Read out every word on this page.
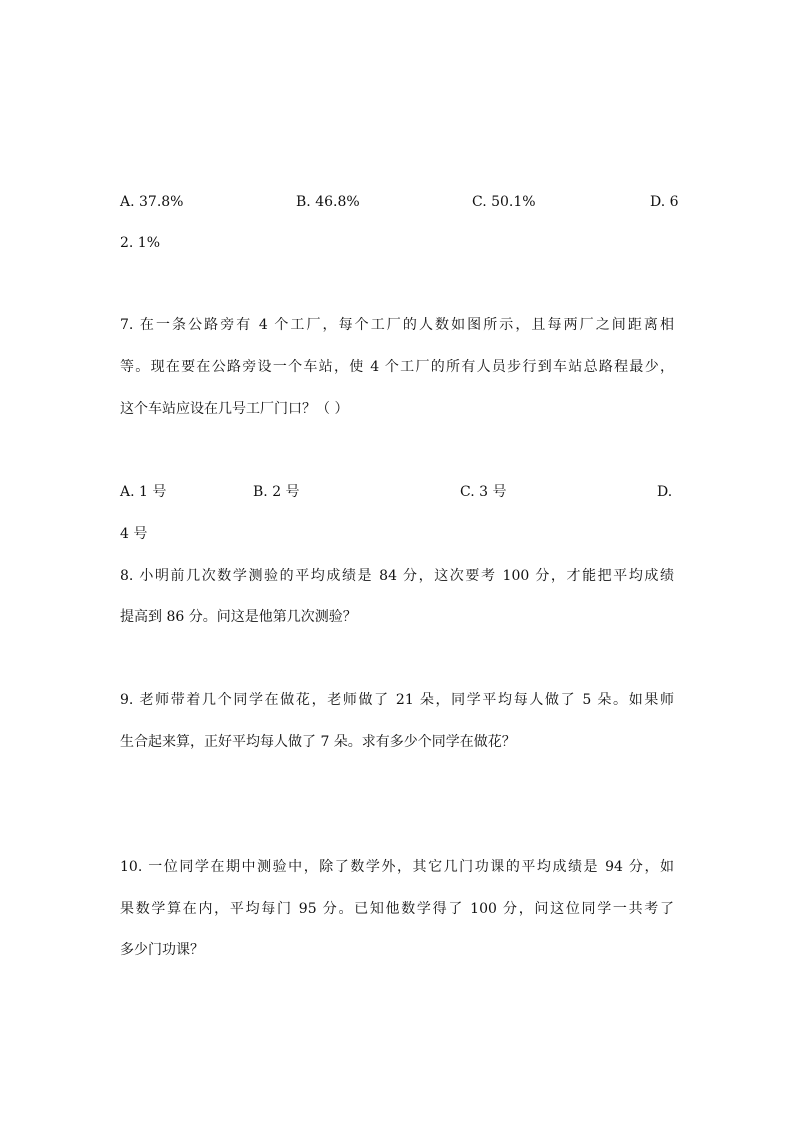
A. 37.8%	B. 46.8%	C. 50.1%	D. 6
2. 1%
7. 在一条公路旁有 4 个工厂，每个工厂的人数如图所示，且每两厂之间距离相
等。现在要在公路旁设一个车站，使 4 个工厂的所有人员步行到车站总路程最少，
这个车站应设在几号工厂门口？（ ）
A. 1 号	B. 2 号	C. 3 号	D.
4 号
8. 小明前几次数学测验的平均成绩是 84 分，这次要考 100 分，才能把平均成绩
提高到 86 分。问这是他第几次测验？
9. 老师带着几个同学在做花，老师做了 21 朵，同学平均每人做了 5 朵。如果师
生合起来算，正好平均每人做了 7 朵。求有多少个同学在做花？
10. 一位同学在期中测验中，除了数学外，其它几门功课的平均成绩是 94 分，如
果数学算在内，平均每门 95 分。已知他数学得了 100 分，问这位同学一共考了
多少门功课？
